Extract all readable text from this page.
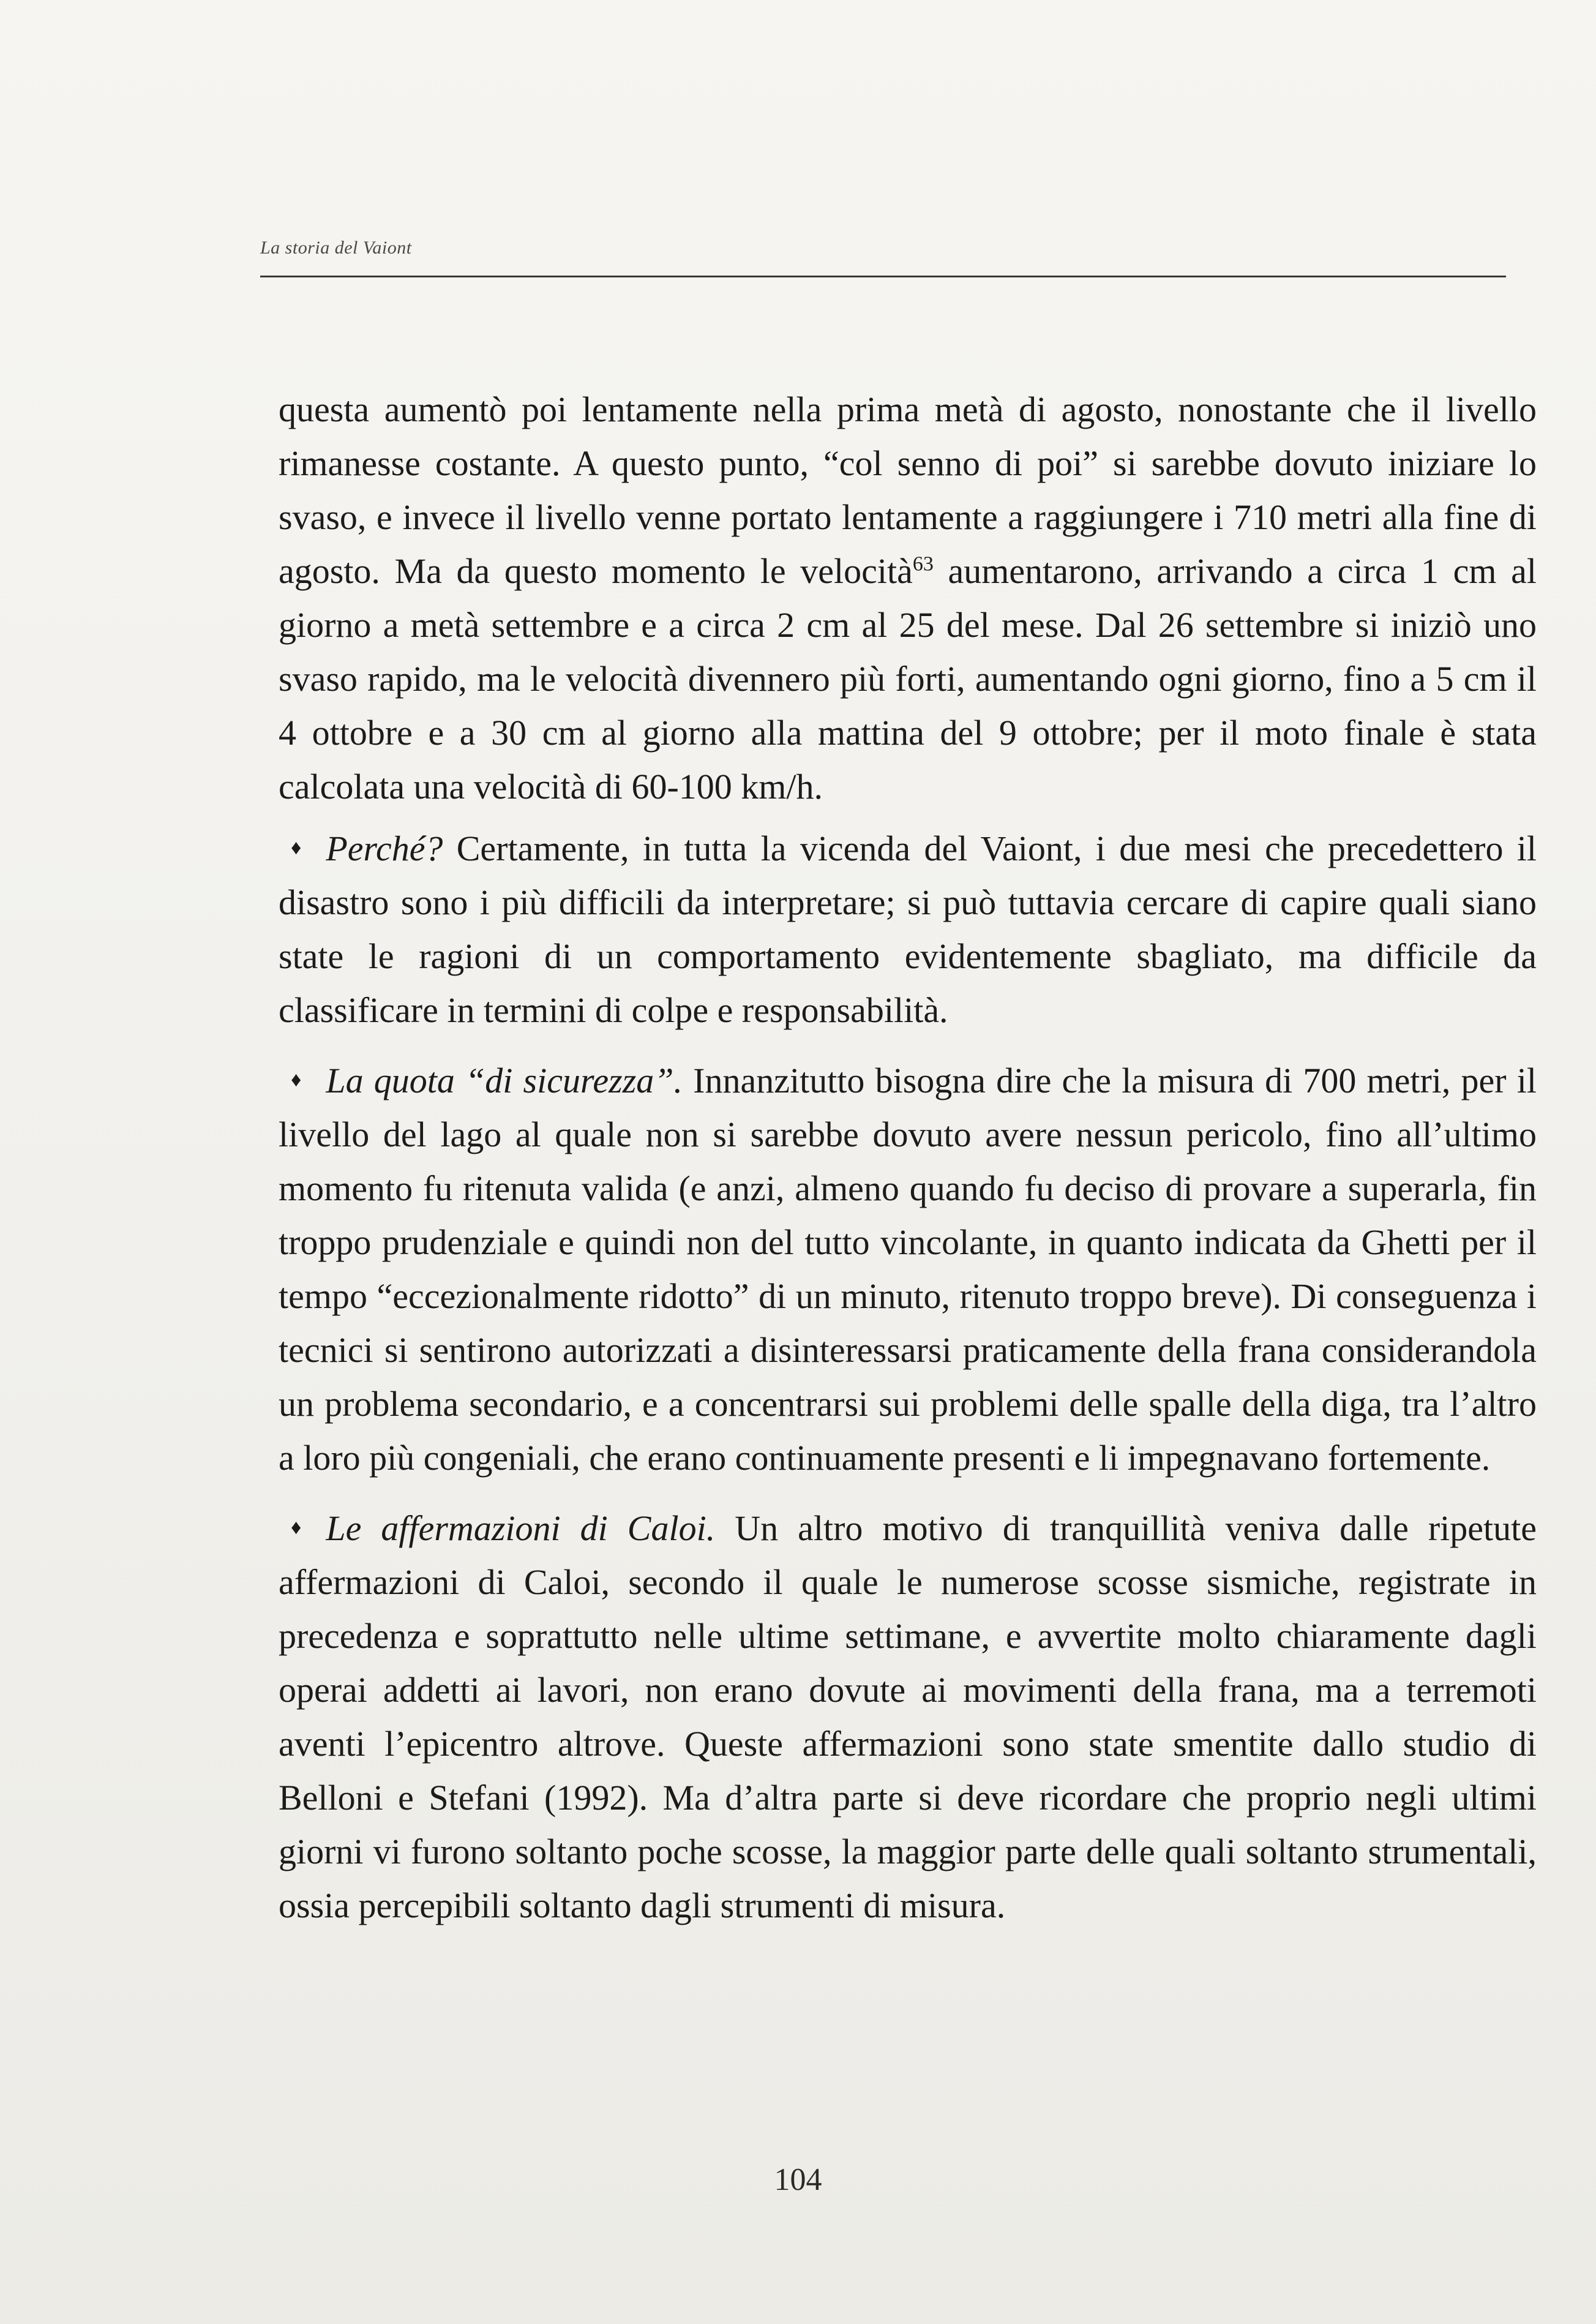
La storia del Vaiont

questa aumentò poi lentamente nella prima metà di agosto, nonostante che il livello rimanesse costante. A questo punto, “col senno di poi” si sarebbe dovuto iniziare lo svaso, e invece il livello venne portato lentamente a raggiungere i 710 metri alla fine di agosto. Ma da questo momento le velocità$^{63}$ aumentarono, arrivando a circa 1 cm al giorno a metà settembre e a circa 2 cm al 25 del mese. Dal 26 settembre si iniziò uno svaso rapido, ma le velocità divennero più forti, aumentando ogni giorno, fino a 5 cm il 4 ottobre e a 30 cm al giorno alla mattina del 9 ottobre; per il moto finale è stata calcolata una velocità di 60-100 km/h.

♦ Perché? Certamente, in tutta la vicenda del Vaiont, i due mesi che precedettero il disastro sono i più difficili da interpretare; si può tuttavia cercare di capire quali siano state le ragioni di un comportamento evidentemente sbagliato, ma difficile da classificare in termini di colpe e responsabilità.

♦ La quota “di sicurezza”. Innanzitutto bisogna dire che la misura di 700 metri, per il livello del lago al quale non si sarebbe dovuto avere nessun pericolo, fino all’ultimo momento fu ritenuta valida (e anzi, almeno quando fu deciso di provare a superarla, fin troppo prudenziale e quindi non del tutto vincolante, in quanto indicata da Ghetti per il tempo “eccezionalmente ridotto” di un minuto, ritenuto troppo breve). Di conseguenza i tecnici si sentirono autorizzati a disinteressarsi praticamente della frana considerandola un problema secondario, e a concentrarsi sui problemi delle spalle della diga, tra l’altro a loro più congeniali, che erano continuamente presenti e li impegnavano fortemente.

♦ Le affermazioni di Caloi. Un altro motivo di tranquillità veniva dalle ripetute affermazioni di Caloi, secondo il quale le numerose scosse sismiche, registrate in precedenza e soprattutto nelle ultime settimane, e avvertite molto chiaramente dagli operai addetti ai lavori, non erano dovute ai movimenti della frana, ma a terremoti aventi l’epicentro altrove. Queste affermazioni sono state smentite dallo studio di Belloni e Stefani (1992). Ma d’altra parte si deve ricordare che proprio negli ultimi giorni vi furono soltanto poche scosse, la maggior parte delle quali soltanto strumentali, ossia percepibili soltanto dagli strumenti di misura.

104
